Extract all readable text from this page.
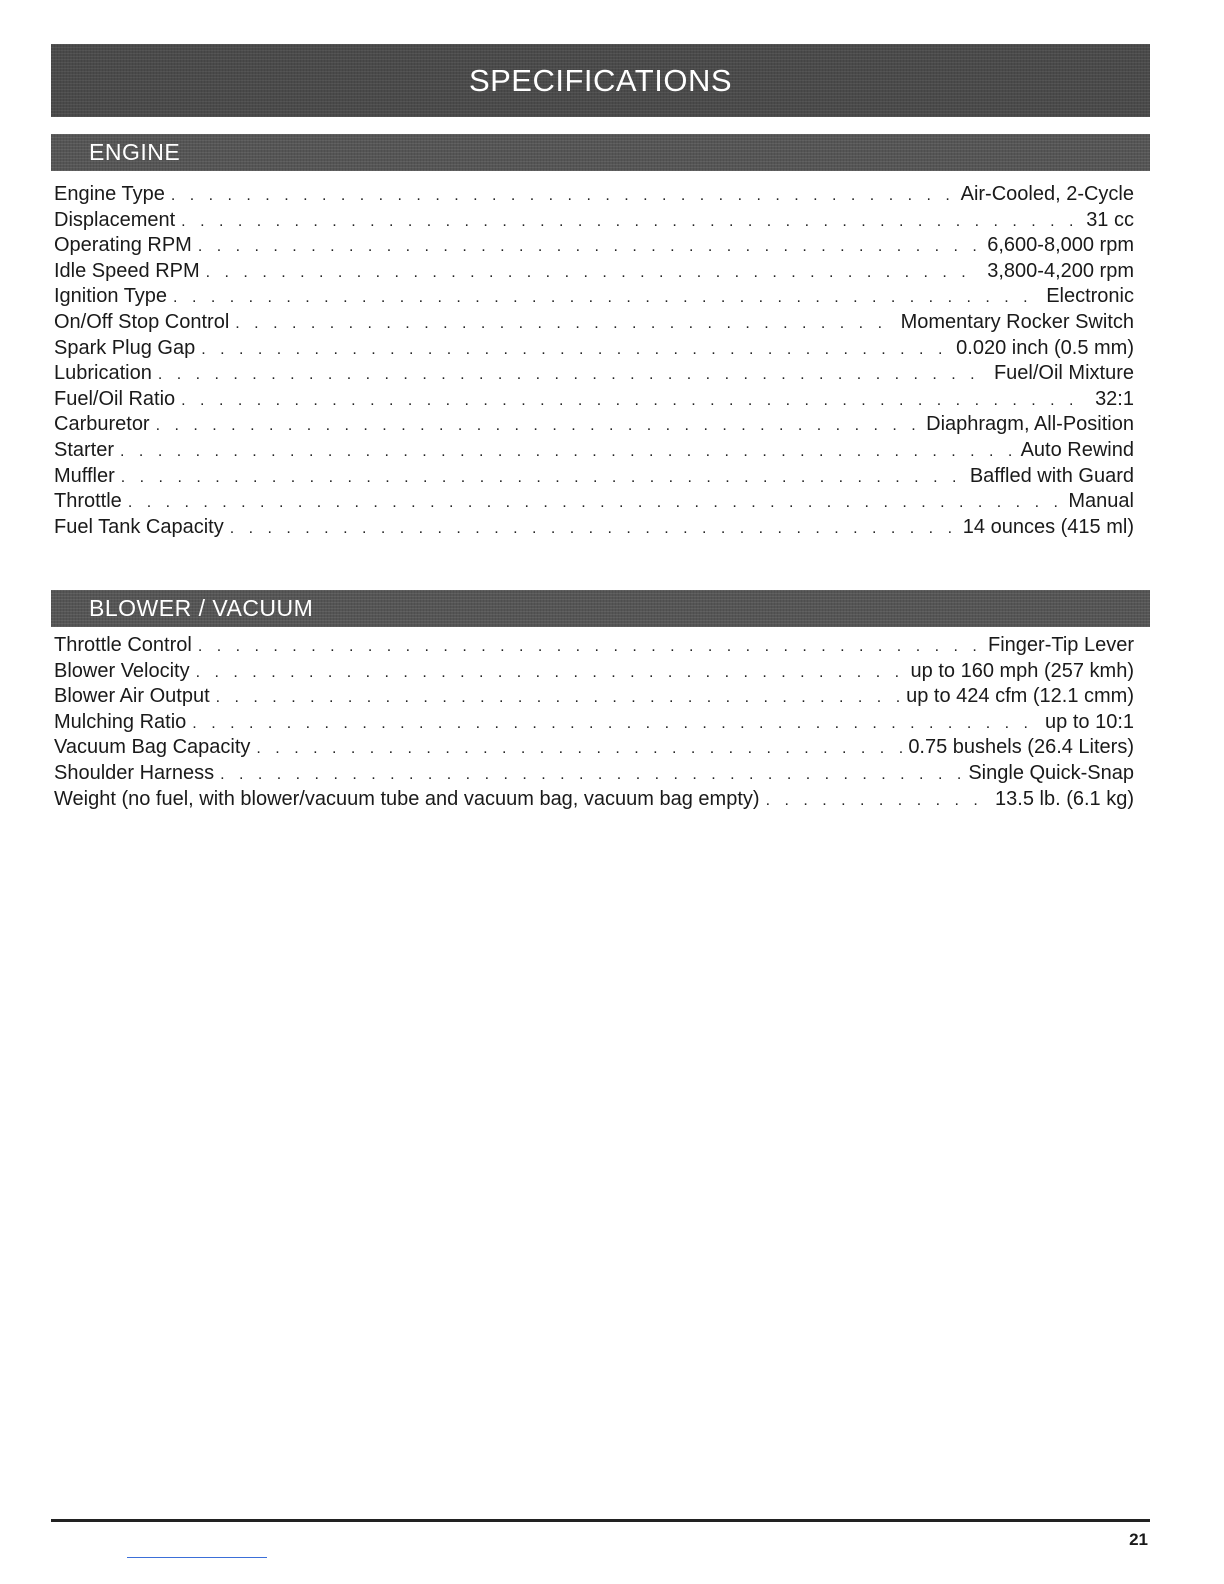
SPECIFICATIONS
ENGINE
Engine Type . . .	Air-Cooled, 2-Cycle
Displacement . . .	31 cc
Operating RPM . . .	6,600-8,000 rpm
Idle Speed RPM . . .	3,800-4,200 rpm
Ignition Type . . .	Electronic
On/Off Stop Control . . .	Momentary Rocker Switch
Spark Plug Gap . . .	0.020 inch (0.5 mm)
Lubrication . . .	Fuel/Oil Mixture
Fuel/Oil Ratio . . .	32:1
Carburetor . . .	Diaphragm, All-Position
Starter . . .	Auto Rewind
Muffler . . .	Baffled with Guard
Throttle . . .	Manual
Fuel Tank Capacity . . .	14 ounces (415 ml)
BLOWER / VACUUM
Throttle Control . . .	Finger-Tip Lever
Blower Velocity . . .	up to 160 mph (257 kmh)
Blower Air Output . . .	up to 424 cfm (12.1 cmm)
Mulching Ratio . . .	up to 10:1
Vacuum Bag Capacity . . .	0.75 bushels (26.4 Liters)
Shoulder Harness . . .	Single Quick-Snap
Weight (no fuel, with blower/vacuum tube and vacuum bag, vacuum bag empty) . . .	13.5 lb. (6.1 kg)
21
